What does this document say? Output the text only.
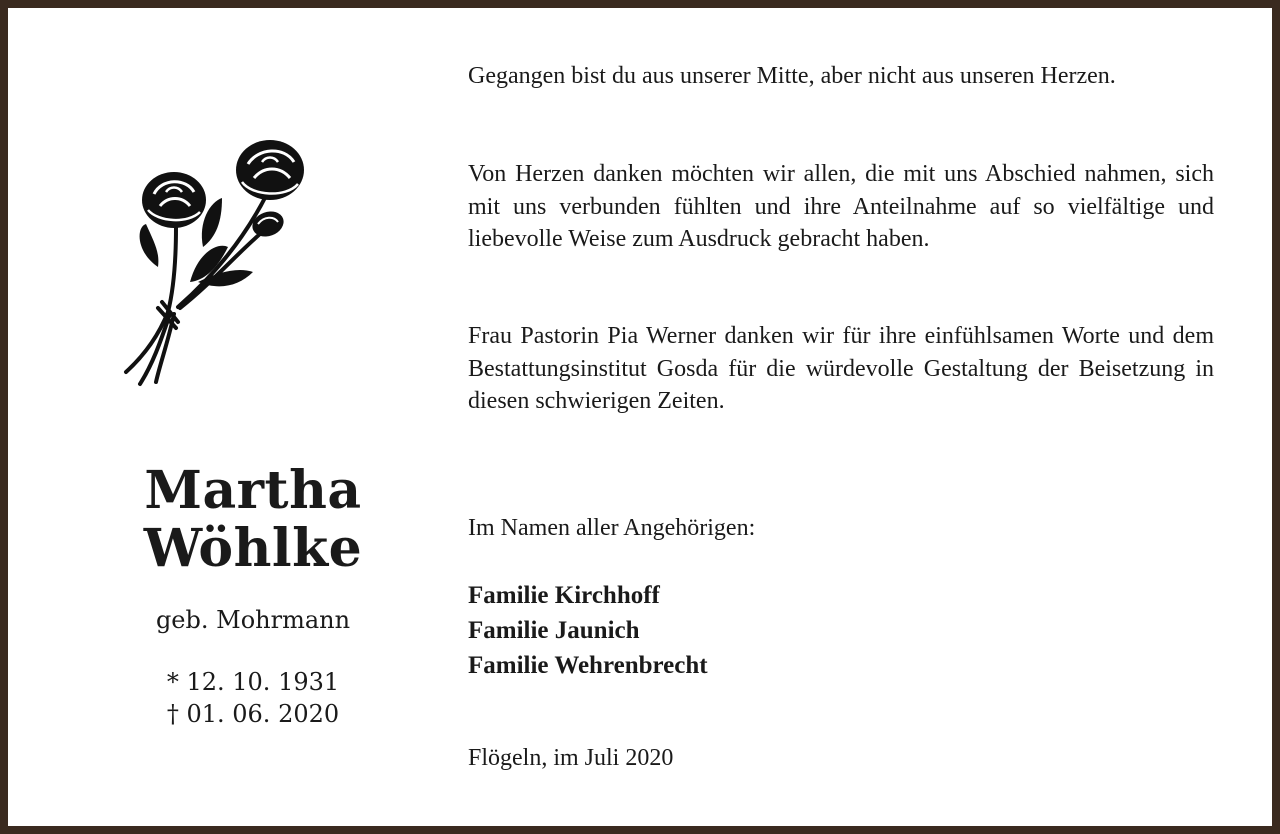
Martha
Wöhlke
geb. Mohrmann
* 12. 10. 1931
† 01. 06. 2020

Gegangen bist du aus unserer Mitte, aber nicht aus unseren Herzen.

Von Herzen danken möchten wir allen, die mit uns Abschied nahmen, sich mit uns verbunden fühlten und ihre Anteilnahme auf so vielfältige und liebevolle Weise zum Ausdruck gebracht haben.

Frau Pastorin Pia Werner danken wir für ihre einfühlsamen Worte und dem Bestattungsinstitut Gosda für die würdevolle Gestaltung der Beisetzung in diesen schwierigen Zeiten.

Im Namen aller Angehörigen:
Familie Kirchhoff
Familie Jaunich
Familie Wehrenbrecht
Flögeln, im Juli 2020
